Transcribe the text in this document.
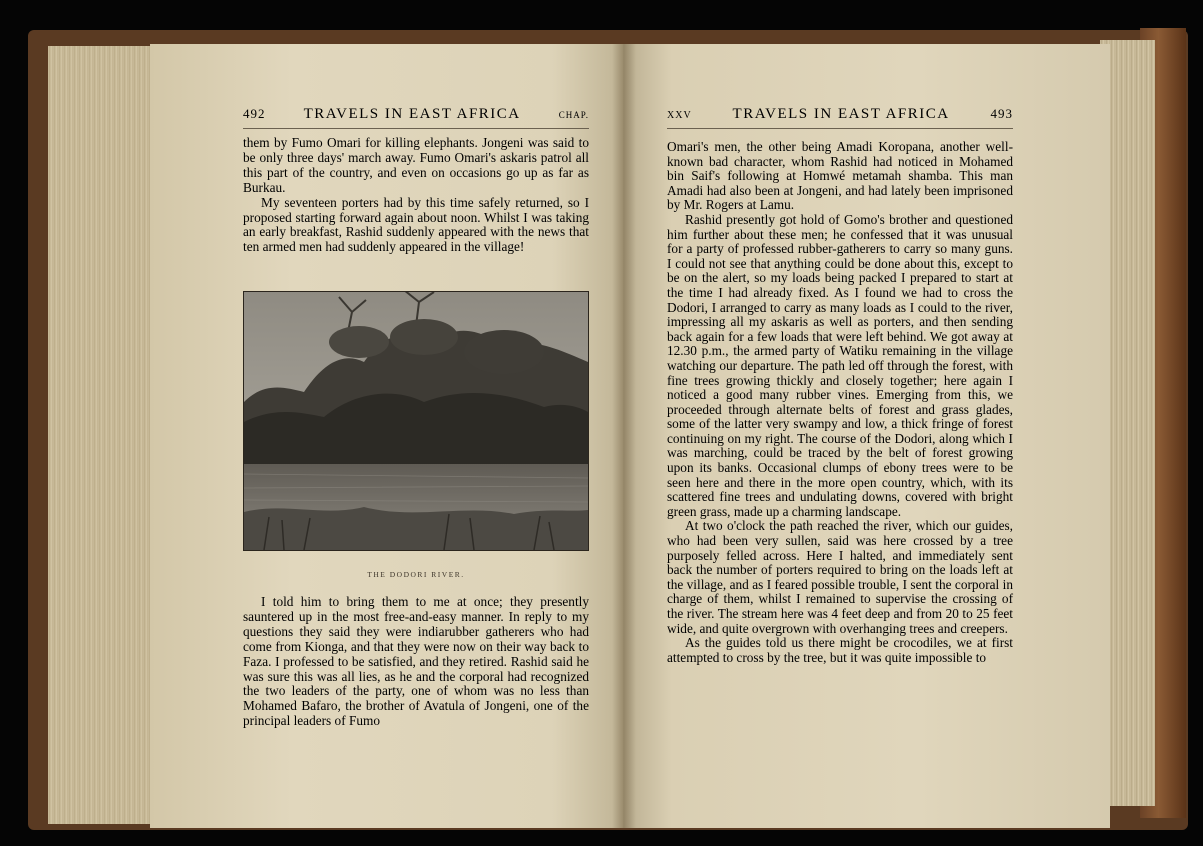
492	TRAVELS IN EAST AFRICA	CHAP.

them by Fumo Omari for killing elephants. Jongeni was said to be only three days' march away. Fumo Omari's askaris patrol all this part of the country, and even on occasions go up as far as Burkau.

My seventeen porters had by this time safely returned, so I proposed starting forward again about noon. Whilst I was taking an early breakfast, Rashid suddenly appeared with the news that ten armed men had suddenly appeared in the village!

THE DODORI RIVER.

I told him to bring them to me at once; they presently sauntered up in the most free-and-easy manner. In reply to my questions they said they were indiarubber gatherers who had come from Kionga, and that they were now on their way back to Faza. I professed to be satisfied, and they retired. Rashid said he was sure this was all lies, as he and the corporal had recognized the two leaders of the party, one of whom was no less than Mohamed Bafaro, the brother of Avatula of Jongeni, one of the principal leaders of Fumo

XXV	TRAVELS IN EAST AFRICA	493

Omari's men, the other being Amadi Koropana, another well-known bad character, whom Rashid had noticed in Mohamed bin Saif's following at Homwé metamah shamba. This man Amadi had also been at Jongeni, and had lately been imprisoned by Mr. Rogers at Lamu.

Rashid presently got hold of Gomo's brother and questioned him further about these men; he confessed that it was unusual for a party of professed rubber-gatherers to carry so many guns. I could not see that anything could be done about this, except to be on the alert, so my loads being packed I prepared to start at the time I had already fixed. As I found we had to cross the Dodori, I arranged to carry as many loads as I could to the river, impressing all my askaris as well as porters, and then sending back again for a few loads that were left behind. We got away at 12.30 p.m., the armed party of Watiku remaining in the village watching our departure. The path led off through the forest, with fine trees growing thickly and closely together; here again I noticed a good many rubber vines. Emerging from this, we proceeded through alternate belts of forest and grass glades, some of the latter very swampy and low, a thick fringe of forest continuing on my right. The course of the Dodori, along which I was marching, could be traced by the belt of forest growing upon its banks. Occasional clumps of ebony trees were to be seen here and there in the more open country, which, with its scattered fine trees and undulating downs, covered with bright green grass, made up a charming landscape.

At two o'clock the path reached the river, which our guides, who had been very sullen, said was here crossed by a tree purposely felled across. Here I halted, and immediately sent back the number of porters required to bring on the loads left at the village, and as I feared possible trouble, I sent the corporal in charge of them, whilst I remained to supervise the crossing of the river. The stream here was 4 feet deep and from 20 to 25 feet wide, and quite overgrown with overhanging trees and creepers.

As the guides told us there might be crocodiles, we at first attempted to cross by the tree, but it was quite impossible to
